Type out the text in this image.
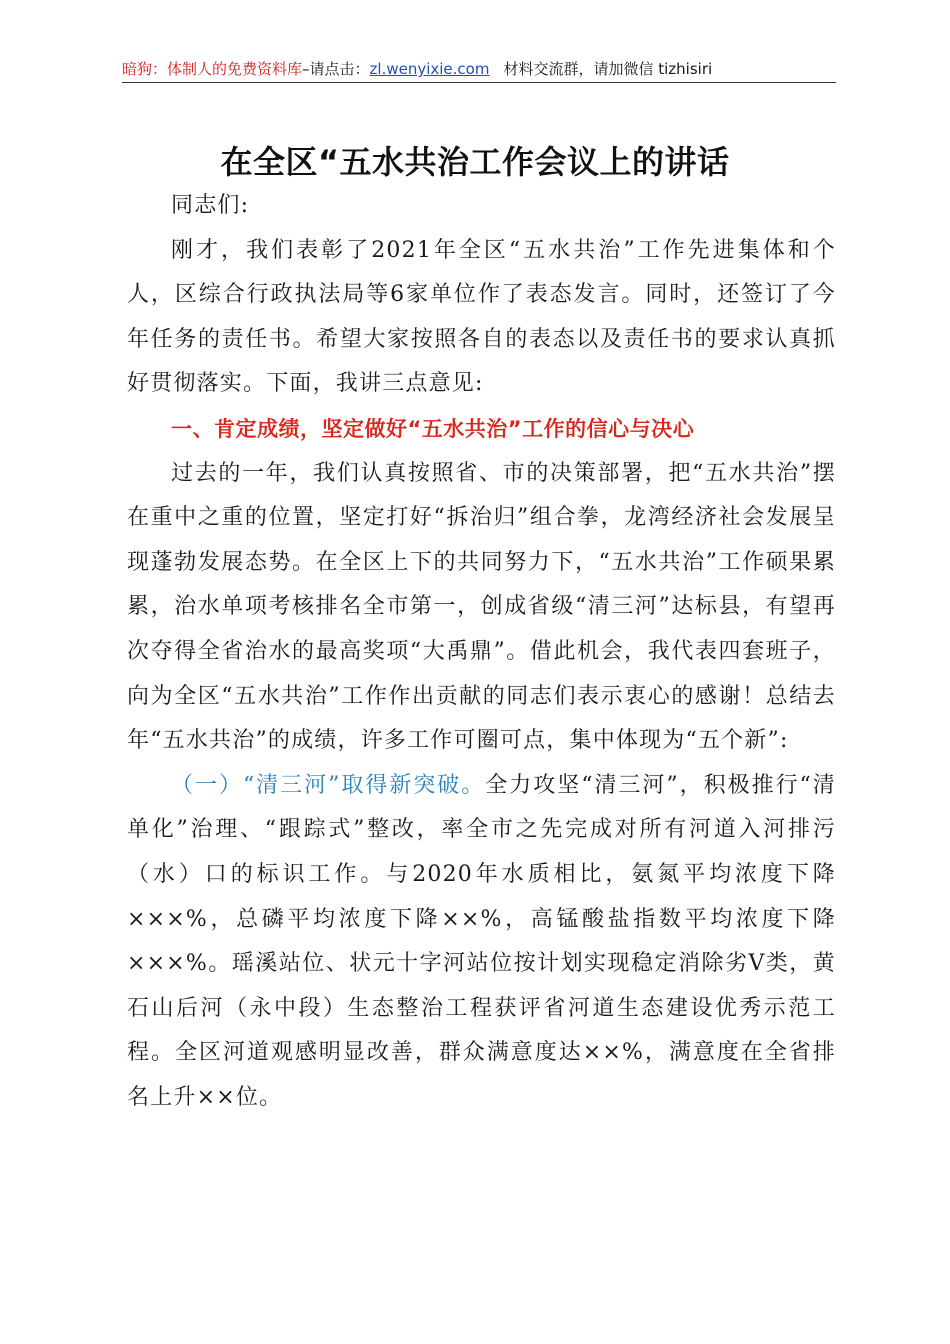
暗狗：体制人的免费资料库–请点击：zl.wenyixie.com 材料交流群，请加微信 tizhisiri
在全区“五水共治工作会议上的讲话

同志们:

刚才，我们表彰了2021年全区“五水共治”工作先进集体和个人，区综合行政执法局等6家单位作了表态发言。同时，还签订了今年任务的责任书。希望大家按照各自的表态以及责任书的要求认真抓好贯彻落实。下面，我讲三点意见:

一、肯定成绩，坚定做好“五水共治”工作的信心与决心

过去的一年，我们认真按照省、市的决策部署，把“五水共治”摆在重中之重的位置，坚定打好“拆治归”组合拳，龙湾经济社会发展呈现蓬勃发展态势。在全区上下的共同努力下，“五水共治”工作硕果累累，治水单项考核排名全市第一，创成省级“清三河”达标县，有望再次夺得全省治水的最高奖项“大禹鼎”。借此机会，我代表四套班子，向为全区“五水共治”工作作出贡献的同志们表示衷心的感谢！总结去年“五水共治”的成绩，许多工作可圈可点，集中体现为“五个新”:

（一）“清三河”取得新突破。全力攻坚“清三河”，积极推行“清单化”治理、“跟踪式”整改，率全市之先完成对所有河道入河排污（水）口的标识工作。与2020年水质相比，氨氮平均浓度下降×××%，总磷平均浓度下降××%，高锰酸盐指数平均浓度下降×××%。瑶溪站位、状元十字河站位按计划实现稳定消除劣V类，黄石山后河（永中段）生态整治工程获评省河道生态建设优秀示范工程。全区河道观感明显改善，群众满意度达××%，满意度在全省排名上升××位。
